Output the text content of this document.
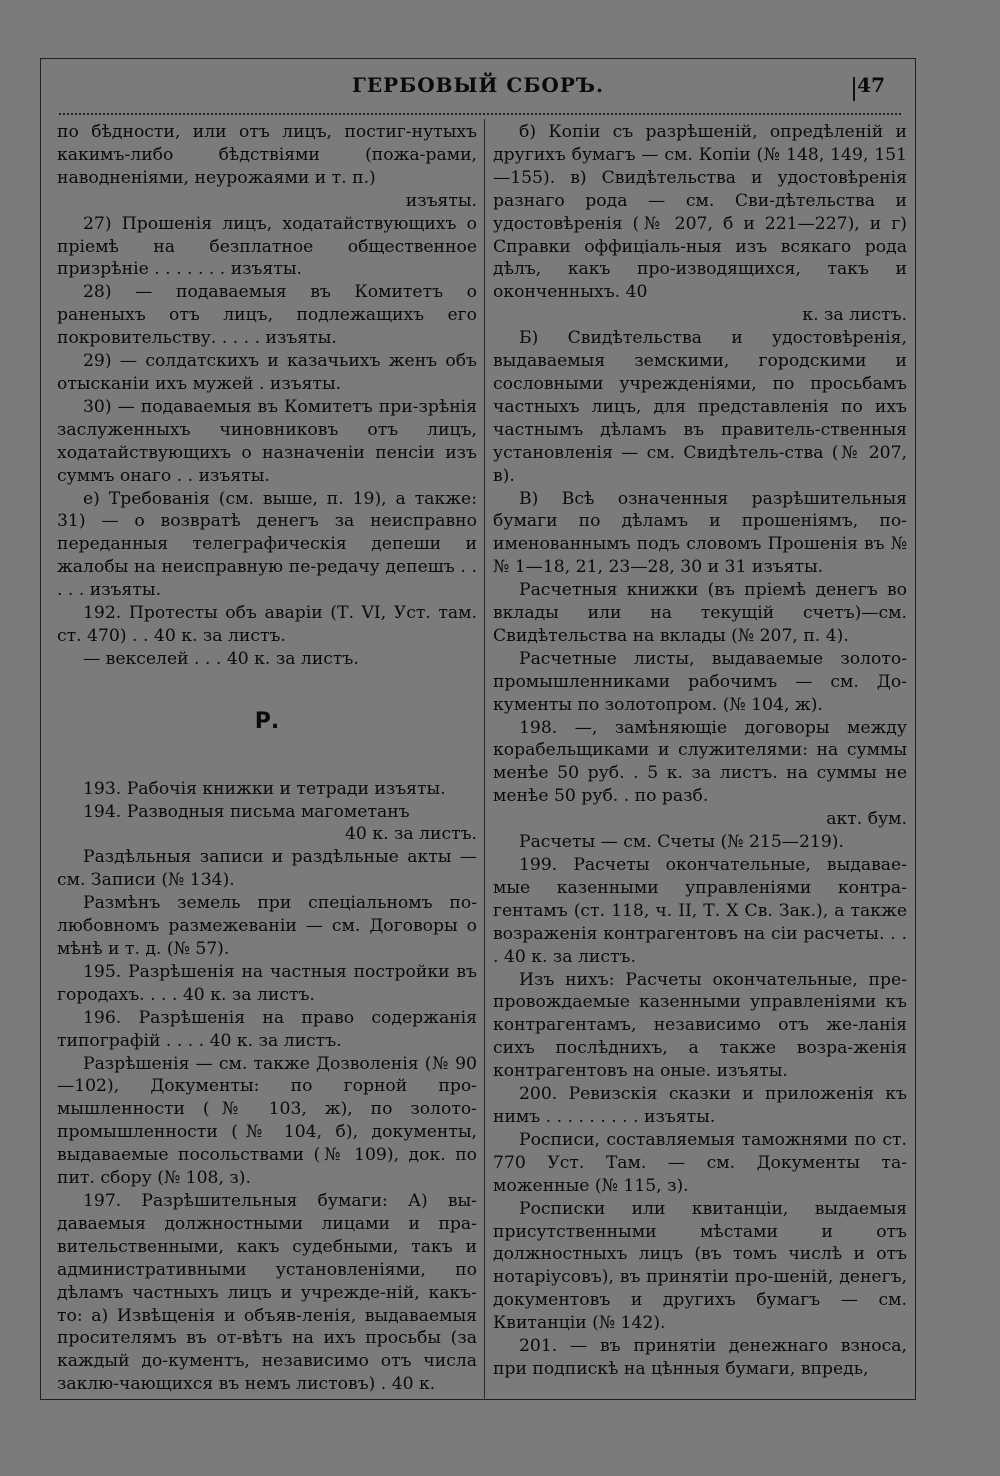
ГЕРБОВЫЙ СБОРЪ.	47
по бѣдности, или отъ лицъ, постиг-нутыхъ какимъ-либо бѣдствіями (пожа-рами, наводненіями, неурожаями и т. п.)
изъяты.
27) Прошенія лицъ, ходатайствующихъ о пріемѣ на безплатное общественное призрѣніе . . . . . . . изъяты.
28) — подаваемыя въ Комитетъ о раненыхъ отъ лицъ, подлежащихъ его покровительству. . . . . изъяты.
29) — солдатскихъ и казачьихъ женъ объ отысканіи ихъ мужей . изъяты.
30) — подаваемыя въ Комитетъ при-зрѣнія заслуженныхъ чиновниковъ отъ лицъ, ходатайствующихъ о назначеніи пенсіи изъ суммъ онаго . . изъяты.
е) Требованія (см. выше, п. 19), а также: 31) — о возвратѣ денегъ за неисправно переданныя телеграфическія депеши и жалобы на неисправную пе-редачу депешъ . . . . . изъяты.
192. Протесты объ аваріи (Т. VI, Уст. там. ст. 470) . . 40 к. за листъ.
— векселей . . . 40 к. за листъ.
Р.
193. Рабочія книжки и тетради изъяты.
194. Разводныя письма магометанъ
40 к. за листъ.
Раздѣльныя записи и раздѣльные акты — см. Записи (№ 134).
Размѣнъ земель при спеціальномъ по-любовномъ размежеваніи — см. Договоры о мѣнѣ и т. д. (№ 57).
195. Разрѣшенія на частныя постройки въ городахъ. . . . 40 к. за листъ.
196. Разрѣшенія на право содержанія типографій . . . . 40 к. за листъ.
Разрѣшенія — см. также Дозволенія (№ 90—102), Документы: по горной про-мышленности (№ 103, ж), по золото-промышленности (№ 104, б), документы, выдаваемые посольствами (№ 109), док. по пит. сбору (№ 108, з).
197. Разрѣшительныя бумаги: А) вы-даваемыя должностными лицами и пра-вительственными, какъ судебными, такъ и административными установленіями, по дѣламъ частныхъ лицъ и учрежде-ній, какъ-то: а) Извѣщенія и объяв-ленія, выдаваемыя просителямъ въ от-вѣтъ на ихъ просьбы (за каждый до-кументъ, независимо отъ числа заклю-чающихся въ немъ листовъ) . 40 к.
б) Копіи съ разрѣшеній, опредѣленій и другихъ бумагъ — см. Копіи (№ 148, 149, 151—155). в) Свидѣтельства и удостовѣренія разнаго рода — см. Сви-дѣтельства и удостовѣренія (№ 207, б и 221—227), и г) Справки оффиціаль-ныя изъ всякаго рода дѣлъ, какъ про-изводящихся, такъ и оконченныхъ. 40
к. за листъ.
Б) Свидѣтельства и удостовѣренія, выдаваемыя земскими, городскими и сословными учрежденіями, по просьбамъ частныхъ лицъ, для представленія по ихъ частнымъ дѣламъ въ правитель-ственныя установленія — см. Свидѣтель-ства (№ 207, в).
В) Всѣ означенныя разрѣшительныя бумаги по дѣламъ и прошеніямъ, по-именованнымъ подъ словомъ Прошенія въ №№ 1—18, 21, 23—28, 30 и 31 изъяты.
Расчетныя книжки (въ пріемѣ денегъ во вклады или на текущій счетъ)—см. Свидѣтельства на вклады (№ 207, п. 4).
Расчетные листы, выдаваемые золото-промышленниками рабочимъ — см. До-кументы по золотопром. (№ 104, ж).
198. —, замѣняющіе договоры между корабельщиками и служителями: на суммы менѣе 50 руб. . 5 к. за листъ. на суммы не менѣе 50 руб. . по разб.
акт. бум.
Расчеты — см. Счеты (№ 215—219).
199. Расчеты окончательные, выдавае-мые казенными управленіями контра-гентамъ (ст. 118, ч. II, Т. X Св. Зак.), а также возраженія контрагентовъ на сіи расчеты. . . . 40 к. за листъ.
Изъ нихъ: Расчеты окончательные, пре-провождаемые казенными управленіями къ контрагентамъ, независимо отъ же-ланія сихъ послѣднихъ, а также возра-женія контрагентовъ на оные. изъяты.
200. Ревизскія сказки и приложенія къ нимъ . . . . . . . . . изъяты.
Росписи, составляемыя таможнями по ст. 770 Уст. Там. — см. Документы та-моженные (№ 115, з).
Росписки или квитанціи, выдаемыя присутственными мѣстами и отъ должностныхъ лицъ (въ томъ числѣ и отъ нотаріусовъ), въ принятіи про-шеній, денегъ, документовъ и другихъ бумагъ — см. Квитанціи (№ 142).
201. — въ принятіи денежнаго взноса, при подпискѣ на цѣнныя бумаги, впредь,
